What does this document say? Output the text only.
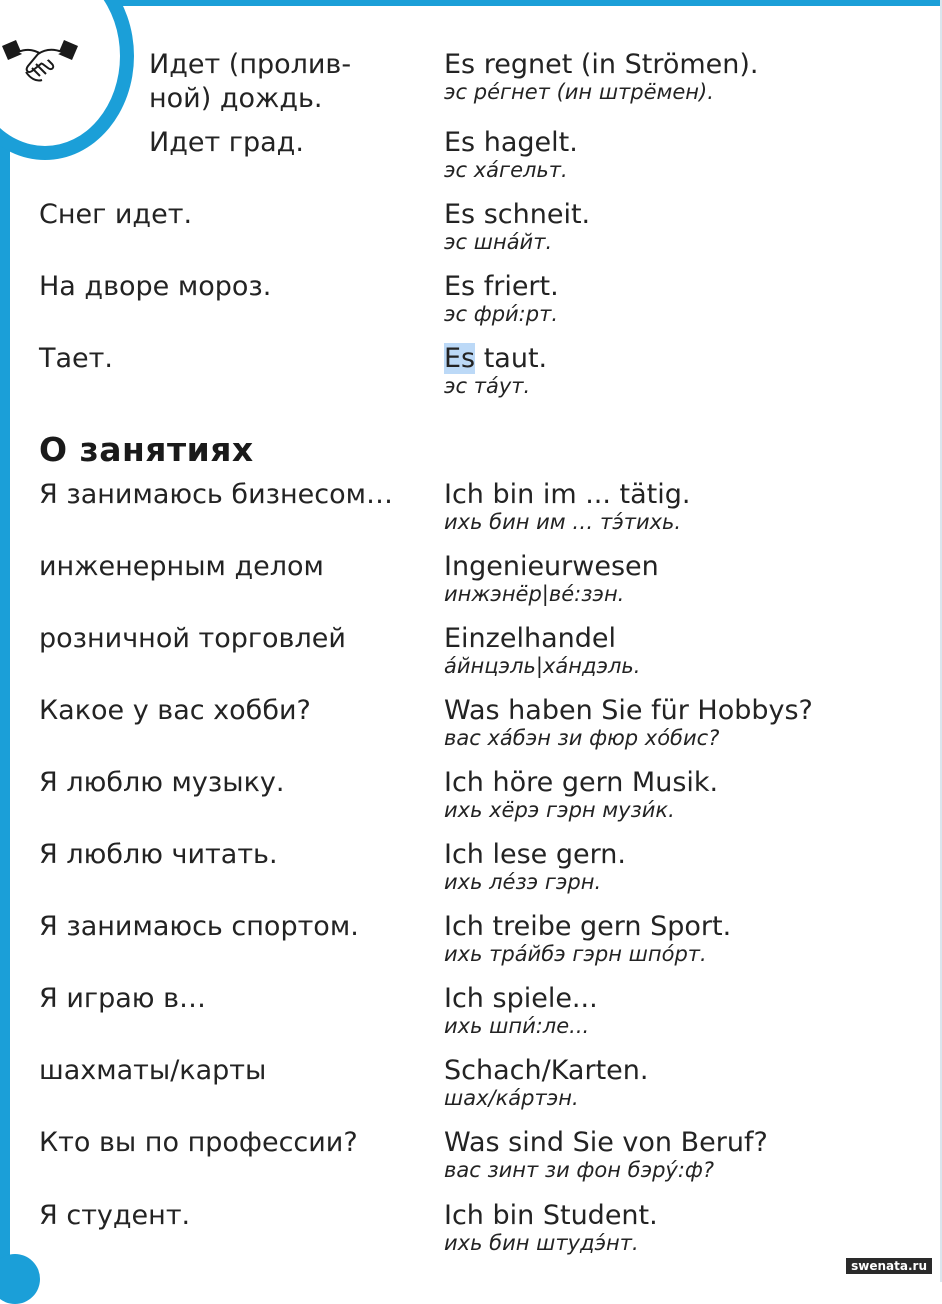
Идет (пролив-
ной) дождь.
Es regnet (in Strömen).
эс ре́гнет (ин штрёмен).
Идет град.	Es hagelt.
эс ха́гельт.
Снег идет.	Es schneit.
эс шна́йт.
На дворе мороз.	Es friert.
эс фри́:рт.
Тает.	Es taut.
эс та́ут.
О занятиях
Я занимаюсь бизнесом… Ich bin im ... tätig.
ихь бин им … тэ́тихь.
инженерным делом	Ingenieurwesen
инжэнёр|ве́:зэн.
розничной торговлей	Einzelhandel
а́йнцэль|ха́ндэль.
Какое у вас хобби?	Was haben Sie für Hobbys?
вас ха́бэн зи фюр хо́бис?
Я люблю музыку.	Ich höre gern Musik.
ихь хёрэ гэрн музи́к.
Я люблю читать.	Ich lese gern.
ихь ле́зэ гэрн.
Я занимаюсь спортом.	Ich treibe gern Sport.
ихь тра́йбэ гэрн шпо́рт.
Я играю в…	Ich spiele...
ихь шпи́:ле...
шахматы/карты	Schach/Karten.
шах/ка́ртэн.
Кто вы по профессии?	Was sind Sie von Beruf?
вас зинт зи фон бэру́:ф?
Я студент.	Ich bin Student.
ихь бин штудэ́нт.
swenata.ru
